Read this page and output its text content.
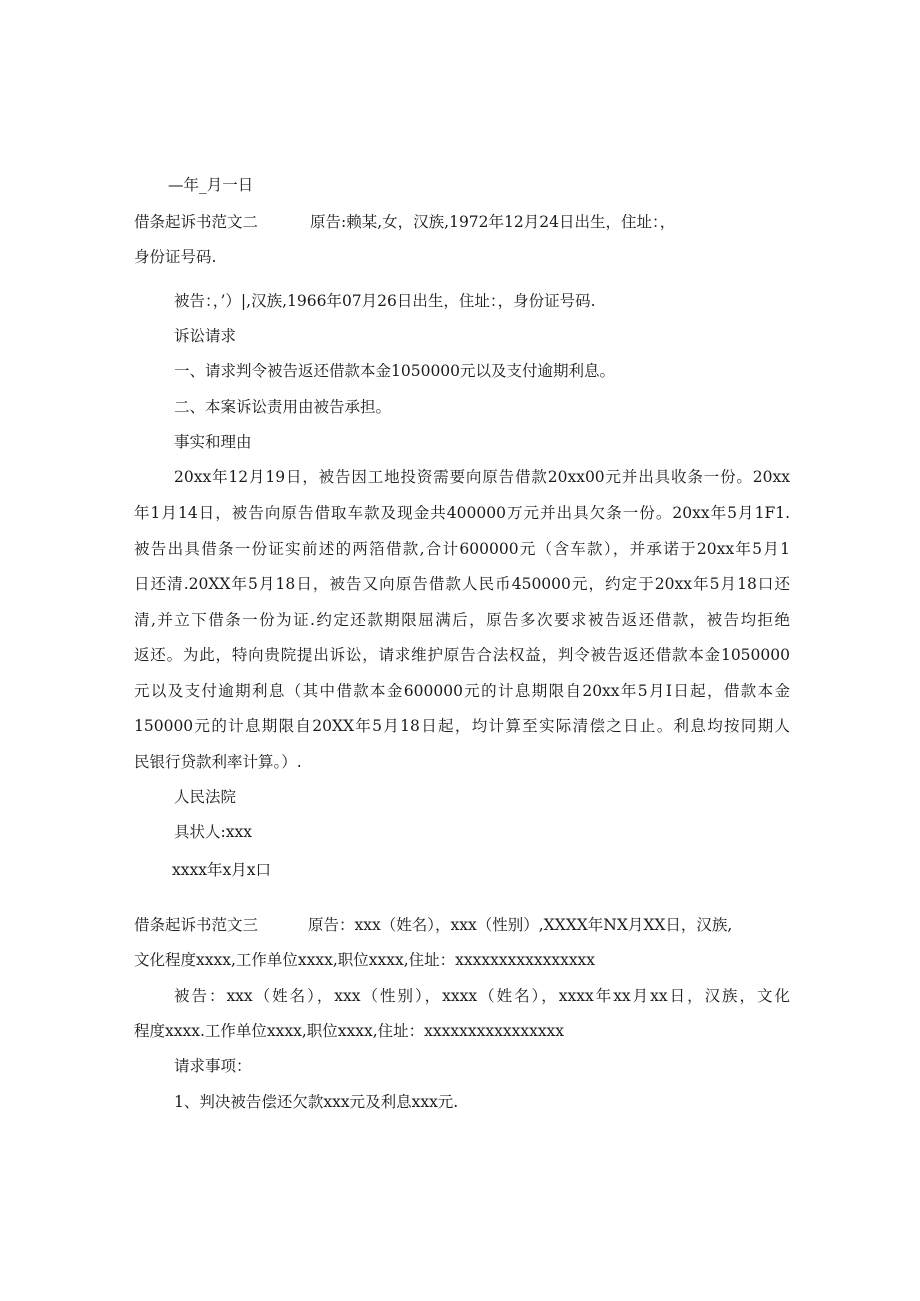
—年_月一日
借条起诉书范文二	原告:赖某,女，汉族,1972年12月24日出生，住址：，
身份证号码.
被告：，’）|,汉族,1966年07月26日出生，住址：，身份证号码.
诉讼请求
一、请求判令被告返还借款本金1050000元以及支付逾期利息。
二、本案诉讼责用由被告承担。
事实和理由
20xx年12月19日，被告因工地投资需要向原告借款20xx00元并出具收条一份。20xx
年1月14日，被告向原告借取车款及现金共400000万元并出具欠条一份。20xx年5月1F1.
被告出具借条一份证实前述的两箔借款,合计600000元（含车款），并承诺于20xx年5月1
日还清.20XX年5月18日，被告又向原告借款人民币450000元，约定于20xx年5月18口还
清,并立下借条一份为证.约定还款期限屈满后，原告多次要求被告返还借款，被告均拒绝
返还。为此，特向贵院提出诉讼，请求维护原告合法权益，判令被告返还借款本金1050000
元以及支付逾期利息（其中借款本金600000元的计息期限自20xx年5月I日起，借款本金
150000元的计息期限自20XX年5月18日起，均计算至实际清偿之日止。利息均按同期人
民银行贷款利率计算。）.
人民法院
具状人:xxx
xxxx年x月x口
借条起诉书范文三	原告：xxx（姓名），xxx（性别）,XXXX年NX月XX日，汉族,
文化程度xxxx,工作单位xxxx,职位xxxx,住址：xxxxxxxxxxxxxxxx
被告：xxx（姓名），xxx（性别），xxxx（姓名），xxxx年xx月xx日，汉族，文化
程度xxxx.工作单位xxxx,职位xxxx,住址：xxxxxxxxxxxxxxxx
请求事项：
1、判决被告偿还欠款xxx元及利息xxx元.
